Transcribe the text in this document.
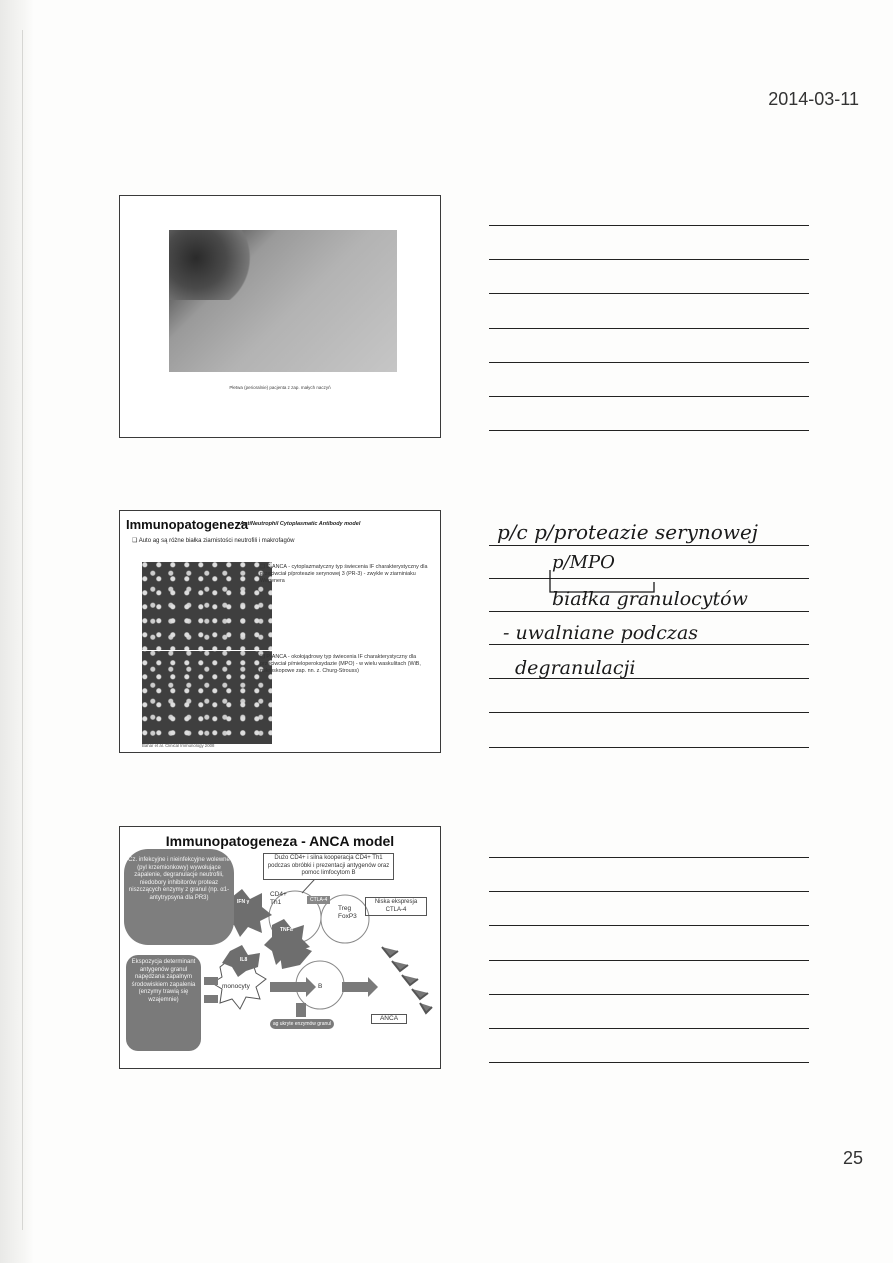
2014-03-11
Płetwa (perioralnie) pacjenta z zap. małych naczyń
Immunopatogeneza
- AntiNeutrophil Cytoplasmatic Antibody model
❑ Auto ag są różne białka ziarnistości neutrofili i makrofagów
❑ C-ANCA - cytoplazmatyczny typ świecenia IF charakterystyczny dla przeciwciał p/proteazie serynowej 3 (PR-3) - zwykle w ziarniniaku Wegenera
❑ P-ANCA - okołojądrowy typ świecenia IF charakterystyczny dla przeciwciał p/mieloperoksydazie (MPO) - w wielu waskulitach (WiB, mikroskopowe zap. nn. z. Churg-Strouss)
Bahar et al. Clinical Immunology 2008
Immunopatogeneza - ANCA model
Cz. infekcyjne i nieinfekcyjne wolewne (pyl krzemionkowy) wywołujące zapalenie, degranulacje neutrofili, niedobory inhibitorów proteaz niszczących enzymy z granul (np. α1-antytrypsyna dla PR3)
Dużo CD4+ i silna kooperacja CD4+ Th1 podczas obróbki i prezentacji antygenów oraz pomoc limfocytom B
Ekspozycja determinant antygenów granul napędzana zapalnym środowiskiem zapalenia (enzymy trawią się wzajemnie)
CD4+
Th1	CTLA-4
Treg
FoxP3
Niska ekspresja CTLA-4
IFN γ
TNFα
IL8
monocyty	B
ANCA
ag ukryte enzymów granul
p/c p/proteazie serynowej
p/MPO
białka granulocytów
- uwalniane podczas
degranulacji
25
